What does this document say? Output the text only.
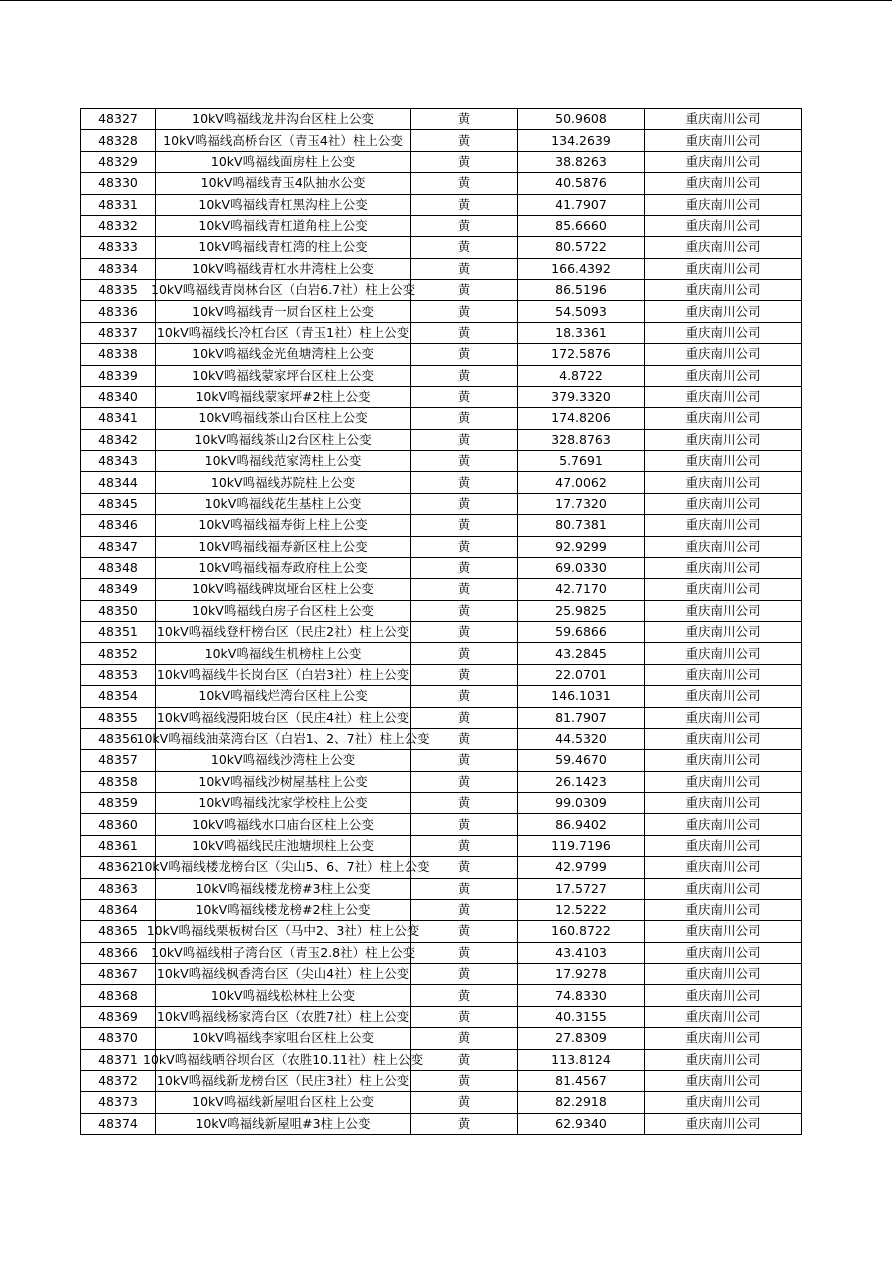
48327	10kV鸣福线龙井沟台区柱上公变	黄	50.9608	重庆南川公司
48328	10kV鸣福线高桥台区（青玉4社）柱上公变	黄	134.2639	重庆南川公司
48329	10kV鸣福线面房柱上公变	黄	38.8263	重庆南川公司
48330	10kV鸣福线青玉4队抽水公变	黄	40.5876	重庆南川公司
48331	10kV鸣福线青杠黑沟柱上公变	黄	41.7907	重庆南川公司
48332	10kV鸣福线青杠道角柱上公变	黄	85.6660	重庆南川公司
48333	10kV鸣福线青杠湾的柱上公变	黄	80.5722	重庆南川公司
48334	10kV鸣福线青杠水井湾柱上公变	黄	166.4392	重庆南川公司
48335	10kV鸣福线青岗林台区（白岩6.7社）柱上公变	黄	86.5196	重庆南川公司
48336	10kV鸣福线青一屃台区柱上公变	黄	54.5093	重庆南川公司
48337	10kV鸣福线长冷杠台区（青玉1社）柱上公变	黄	18.3361	重庆南川公司
48338	10kV鸣福线金光鱼塘湾柱上公变	黄	172.5876	重庆南川公司
48339	10kV鸣福线蒙家坪台区柱上公变	黄	4.8722	重庆南川公司
48340	10kV鸣福线蒙家坪#2柱上公变	黄	379.3320	重庆南川公司
48341	10kV鸣福线茶山台区柱上公变	黄	174.8206	重庆南川公司
48342	10kV鸣福线茶山2台区柱上公变	黄	328.8763	重庆南川公司
48343	10kV鸣福线范家湾柱上公变	黄	5.7691	重庆南川公司
48344	10kV鸣福线苏院柱上公变	黄	47.0062	重庆南川公司
48345	10kV鸣福线花生基柱上公变	黄	17.7320	重庆南川公司
48346	10kV鸣福线福寿街上柱上公变	黄	80.7381	重庆南川公司
48347	10kV鸣福线福寿新区柱上公变	黄	92.9299	重庆南川公司
48348	10kV鸣福线福寿政府柱上公变	黄	69.0330	重庆南川公司
48349	10kV鸣福线碑岚垭台区柱上公变	黄	42.7170	重庆南川公司
48350	10kV鸣福线白房子台区柱上公变	黄	25.9825	重庆南川公司
48351	10kV鸣福线登杆榜台区（民庄2社）柱上公变	黄	59.6866	重庆南川公司
48352	10kV鸣福线生机榜柱上公变	黄	43.2845	重庆南川公司
48353	10kV鸣福线牛长岗台区（白岩3社）柱上公变	黄	22.0701	重庆南川公司
48354	10kV鸣福线烂湾台区柱上公变	黄	146.1031	重庆南川公司
48355	10kV鸣福线漫阳坡台区（民庄4社）柱上公变	黄	81.7907	重庆南川公司
48356	10kV鸣福线油菜湾台区（白岩1、2、7社）柱上公变	黄	44.5320	重庆南川公司
48357	10kV鸣福线沙湾柱上公变	黄	59.4670	重庆南川公司
48358	10kV鸣福线沙树屋基柱上公变	黄	26.1423	重庆南川公司
48359	10kV鸣福线沈家学校柱上公变	黄	99.0309	重庆南川公司
48360	10kV鸣福线水口庙台区柱上公变	黄	86.9402	重庆南川公司
48361	10kV鸣福线民庄池塘坝柱上公变	黄	119.7196	重庆南川公司
48362	10kV鸣福线楼龙榜台区（尖山5、6、7社）柱上公变	黄	42.9799	重庆南川公司
48363	10kV鸣福线楼龙榜#3柱上公变	黄	17.5727	重庆南川公司
48364	10kV鸣福线楼龙榜#2柱上公变	黄	12.5222	重庆南川公司
48365	10kV鸣福线栗板树台区（马中2、3社）柱上公变	黄	160.8722	重庆南川公司
48366	10kV鸣福线柑子湾台区（青玉2.8社）柱上公变	黄	43.4103	重庆南川公司
48367	10kV鸣福线枫香湾台区（尖山4社）柱上公变	黄	17.9278	重庆南川公司
48368	10kV鸣福线松林柱上公变	黄	74.8330	重庆南川公司
48369	10kV鸣福线杨家湾台区（农胜7社）柱上公变	黄	40.3155	重庆南川公司
48370	10kV鸣福线李家咀台区柱上公变	黄	27.8309	重庆南川公司
48371	10kV鸣福线晒谷坝台区（农胜10.11社）柱上公变	黄	113.8124	重庆南川公司
48372	10kV鸣福线新龙榜台区（民庄3社）柱上公变	黄	81.4567	重庆南川公司
48373	10kV鸣福线新屋咀台区柱上公变	黄	82.2918	重庆南川公司
48374	10kV鸣福线新屋咀#3柱上公变	黄	62.9340	重庆南川公司
